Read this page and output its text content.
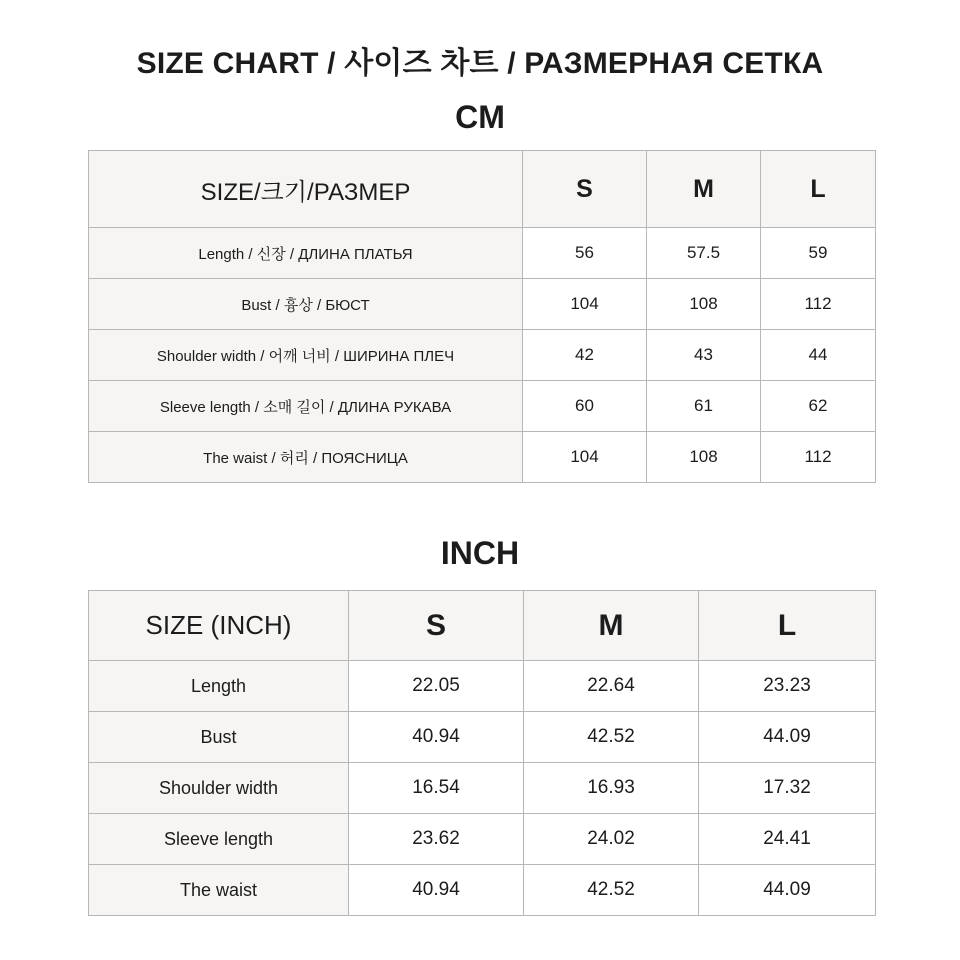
SIZE CHART / 사이즈 차트 / РАЗМЕРНАЯ СЕТКА
CM
SIZE/크기/РАЗМЕР	S	M	L
Length / 신장 / ДЛИНА ПЛАТЬЯ	56	57.5	59
Bust / 흉상 / БЮСТ	104	108	112
Shoulder width / 어깨 너비 / ШИРИНА ПЛЕЧ	42	43	44
Sleeve length / 소매 길이 / ДЛИНА РУКАВА	60	61	62
The waist / 허리 / ПОЯСНИЦА	104	108	112
INCH
SIZE (INCH)	S	M	L
Length	22.05	22.64	23.23
Bust	40.94	42.52	44.09
Shoulder width	16.54	16.93	17.32
Sleeve length	23.62	24.02	24.41
The waist	40.94	42.52	44.09
